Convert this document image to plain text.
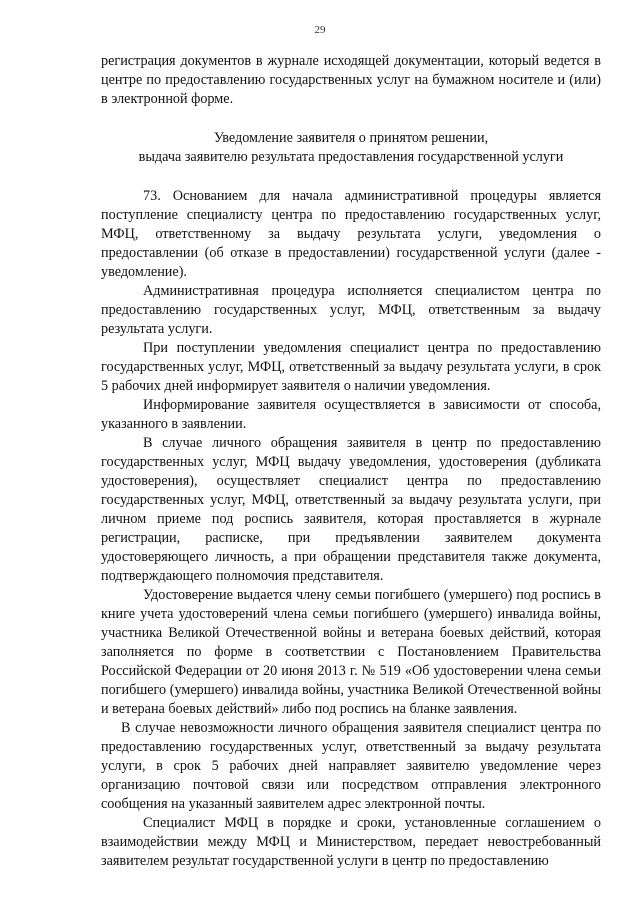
29

регистрация документов в журнале исходящей документации, который ведется в центре по предоставлению государственных услуг на бумажном носителе и (или) в электронной форме.

Уведомление заявителя о принятом решении,
выдача заявителю результата предоставления государственной услуги

73. Основанием для начала административной процедуры является поступление специалисту центра по предоставлению государственных услуг, МФЦ, ответственному за выдачу результата услуги, уведомления о предоставлении (об отказе в предоставлении) государственной услуги (далее - уведомление).

Административная процедура исполняется специалистом центра по предоставлению государственных услуг, МФЦ, ответственным за выдачу результата услуги.

При поступлении уведомления специалист центра по предоставлению государственных услуг, МФЦ, ответственный за выдачу результата услуги, в срок 5 рабочих дней информирует заявителя о наличии уведомления.

Информирование заявителя осуществляется в зависимости от способа, указанного в заявлении.

В случае личного обращения заявителя в центр по предоставлению государственных услуг, МФЦ выдачу уведомления, удостоверения (дубликата удостоверения), осуществляет специалист центра по предоставлению государственных услуг, МФЦ, ответственный за выдачу результата услуги, при личном приеме под роспись заявителя, которая проставляется в журнале регистрации, расписке, при предъявлении заявителем документа удостоверяющего личность, а при обращении представителя также документа, подтверждающего полномочия представителя.

Удостоверение выдается члену семьи погибшего (умершего) под роспись в книге учета удостоверений члена семьи погибшего (умершего) инвалида войны, участника Великой Отечественной войны и ветерана боевых действий, которая заполняется по форме в соответствии с Постановлением Правительства Российской Федерации от 20 июня 2013 г. № 519 «Об удостоверении члена семьи погибшего (умершего) инвалида войны, участника Великой Отечественной войны и ветерана боевых действий» либо под роспись на бланке заявления.

В случае невозможности личного обращения заявителя специалист центра по предоставлению государственных услуг, ответственный за выдачу результата услуги, в срок 5 рабочих дней направляет заявителю уведомление через организацию почтовой связи или посредством отправления электронного сообщения на указанный заявителем адрес электронной почты.

Специалист МФЦ в порядке и сроки, установленные соглашением о взаимодействии между МФЦ и Министерством, передает невостребованный заявителем результат государственной услуги в центр по предоставлению
